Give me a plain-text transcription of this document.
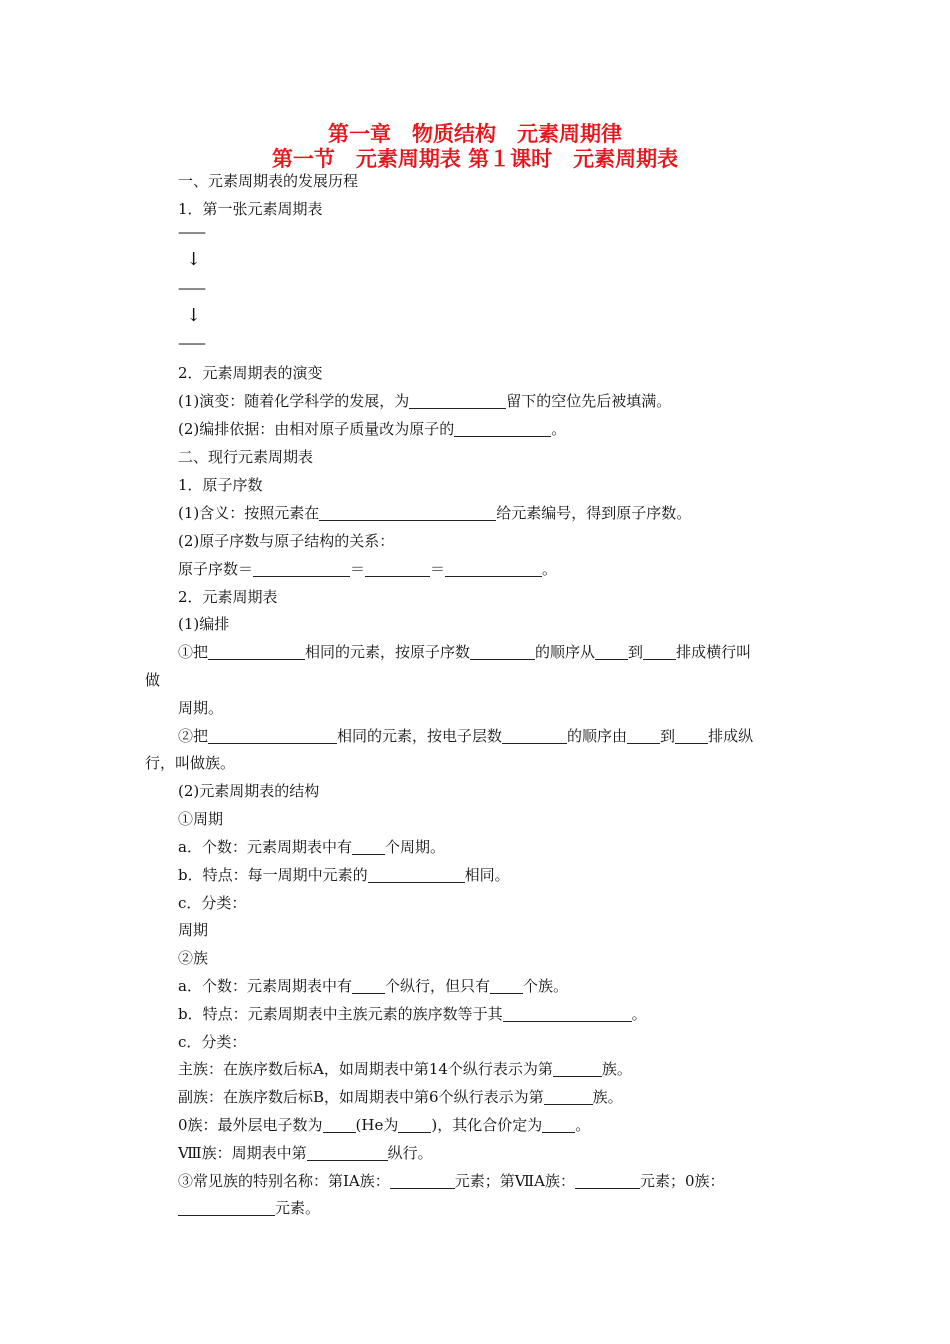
第一章　物质结构　元素周期律
第一节　元素周期表 第１课时　元素周期表
一、元素周期表的发展历程
1．第一张元素周期表
——
↓
——
↓
——
2．元素周期表的演变
(1)演变：随着化学科学的发展，为	留下的空位先后被填满。
(2)编排依据：由相对原子质量改为原子的	。
二、现行元素周期表
1．原子序数
(1)含义：按照元素在	给元素编号，得到原子序数。
(2)原子序数与原子结构的关系：
原子序数＝	＝	＝	。
2．元素周期表
(1)编排
①把	相同的元素，按原子序数	的顺序从 到 排成横行叫
做
周期。
②把	相同的元素，按电子层数	的顺序由 到 排成纵
行，叫做族。
(2)元素周期表的结构
①周期
a．个数：元素周期表中有 个周期。
b．特点：每一周期中元素的	相同。
c．分类：
周期
②族
a．个数：元素周期表中有 个纵行，但只有 个族。
b．特点：元素周期表中主族元素的族序数等于其	。
c．分类：
主族：在族序数后标A，如周期表中第14个纵行表示为第	族。
副族：在族序数后标B，如周期表中第6个纵行表示为第	族。
0族：最外层电子数为 (He为 )，其化合价定为 。
Ⅷ族：周期表中第	纵行。
③常见族的特别名称：第ⅠA族：	元素；第ⅦA族：	元素；0族：
元素。
